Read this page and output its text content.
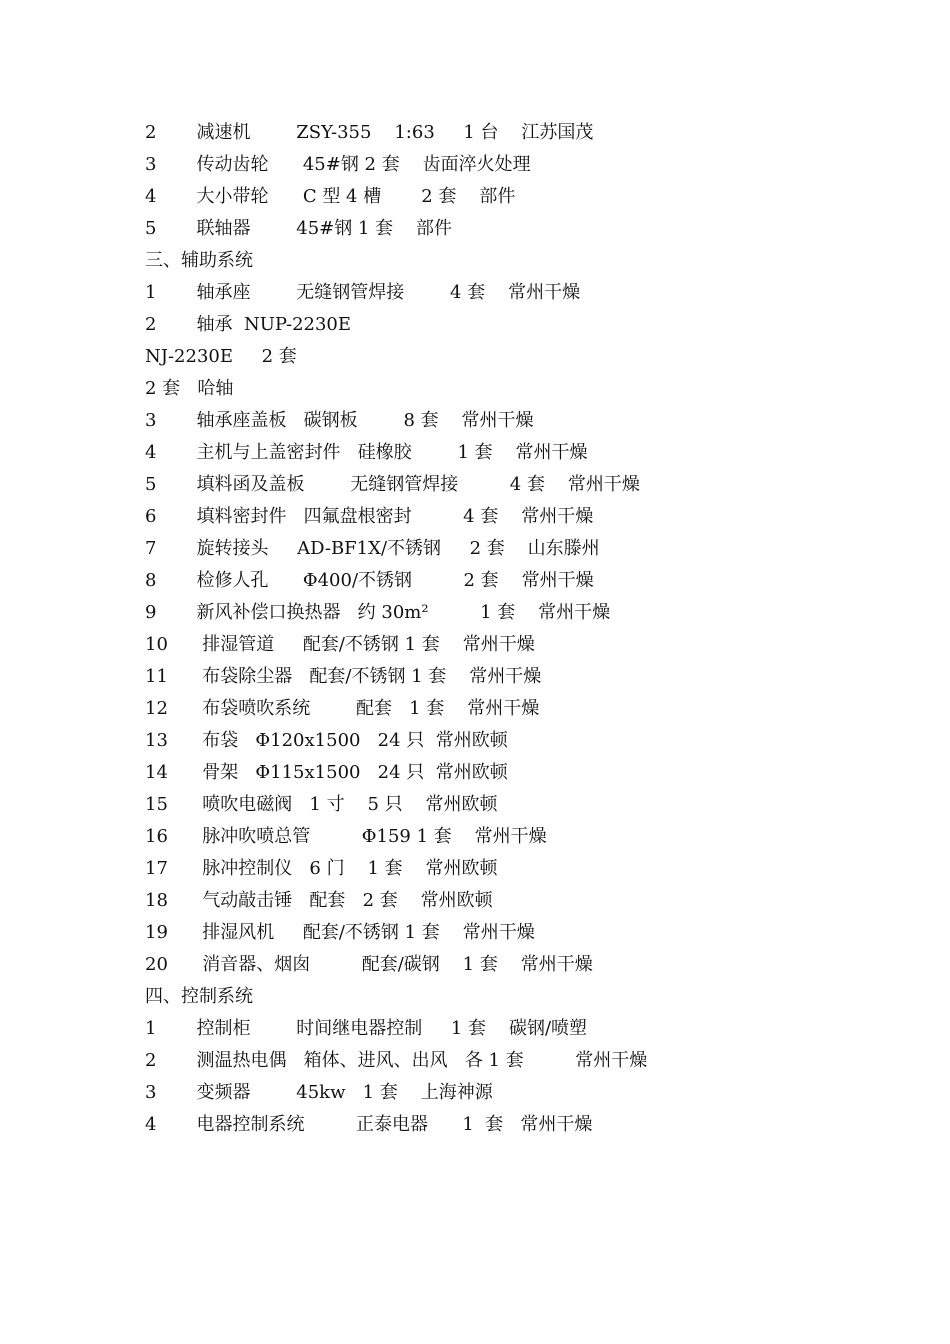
2       减速机        ZSY-355    1:63     1 台    江苏国茂
3       传动齿轮      45#钢 2 套    齿面淬火处理
4       大小带轮      C 型 4 槽       2 套    部件
5       联轴器        45#钢 1 套    部件
三、辅助系统
1       轴承座        无缝钢管焊接        4 套    常州干燥
2       轴承  NUP-2230E
NJ-2230E     2 套
2 套   哈轴
3       轴承座盖板   碳钢板        8 套    常州干燥
4       主机与上盖密封件   硅橡胶        1 套    常州干燥
5       填料函及盖板        无缝钢管焊接         4 套    常州干燥
6       填料密封件   四氟盘根密封         4 套    常州干燥
7       旋转接头     AD-BF1X/不锈钢     2 套    山东滕州
8       检修人孔      Φ400/不锈钢         2 套    常州干燥
9       新风补偿口换热器   约 30m²         1 套    常州干燥
10      排湿管道     配套/不锈钢 1 套    常州干燥
11      布袋除尘器   配套/不锈钢 1 套    常州干燥
12      布袋喷吹系统        配套   1 套    常州干燥
13      布袋   Φ120x1500   24 只  常州欧顿
14      骨架   Φ115x1500   24 只  常州欧顿
15      喷吹电磁阀   1 寸    5 只    常州欧顿
16      脉冲吹喷总管         Φ159 1 套    常州干燥
17      脉冲控制仪   6 门    1 套    常州欧顿
18      气动敲击锤   配套   2 套    常州欧顿
19      排湿风机     配套/不锈钢 1 套    常州干燥
20      消音器、烟囱         配套/碳钢    1 套    常州干燥
四、控制系统
1       控制柜        时间继电器控制     1 套    碳钢/喷塑
2       测温热电偶   箱体、进风、出风   各 1 套         常州干燥
3       变频器        45kw   1 套    上海神源
4       电器控制系统         正泰电器      1  套   常州干燥
